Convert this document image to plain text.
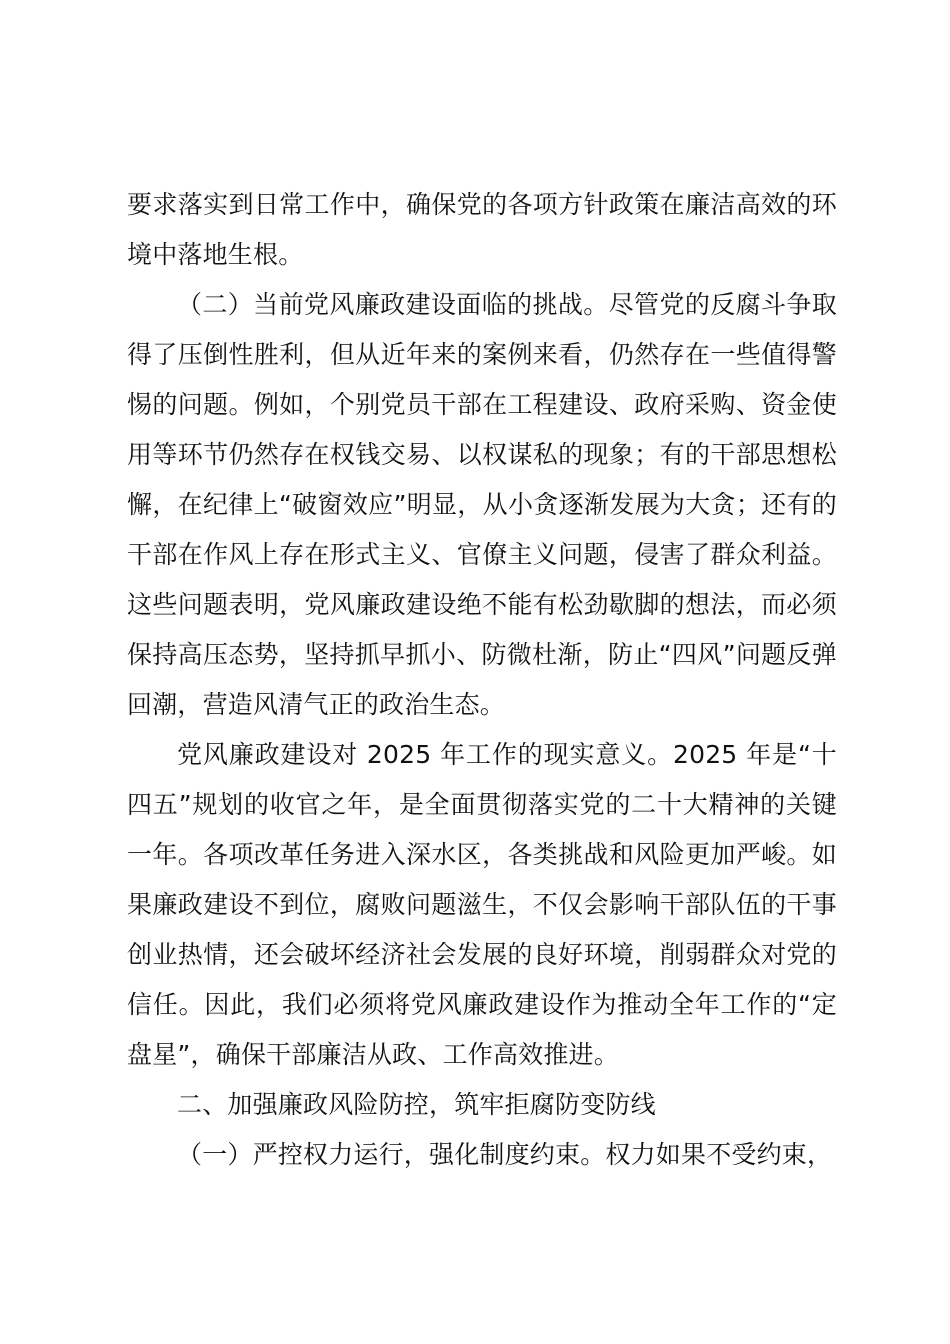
要求落实到日常工作中，确保党的各项方针政策在廉洁高效的环境中落地生根。

（二）当前党风廉政建设面临的挑战。尽管党的反腐斗争取得了压倒性胜利，但从近年来的案例来看，仍然存在一些值得警惕的问题。例如，个别党员干部在工程建设、政府采购、资金使用等环节仍然存在权钱交易、以权谋私的现象；有的干部思想松懈，在纪律上“破窗效应”明显，从小贪逐渐发展为大贪；还有的干部在作风上存在形式主义、官僚主义问题，侵害了群众利益。这些问题表明，党风廉政建设绝不能有松劲歇脚的想法，而必须保持高压态势，坚持抓早抓小、防微杜渐，防止“四风”问题反弹回潮，营造风清气正的政治生态。

党风廉政建设对 2025 年工作的现实意义。2025 年是“十四五”规划的收官之年，是全面贯彻落实党的二十大精神的关键一年。各项改革任务进入深水区，各类挑战和风险更加严峻。如果廉政建设不到位，腐败问题滋生，不仅会影响干部队伍的干事创业热情，还会破坏经济社会发展的良好环境，削弱群众对党的信任。因此，我们必须将党风廉政建设作为推动全年工作的“定盘星”，确保干部廉洁从政、工作高效推进。

二、加强廉政风险防控，筑牢拒腐防变防线

（一）严控权力运行，强化制度约束。权力如果不受约束，
